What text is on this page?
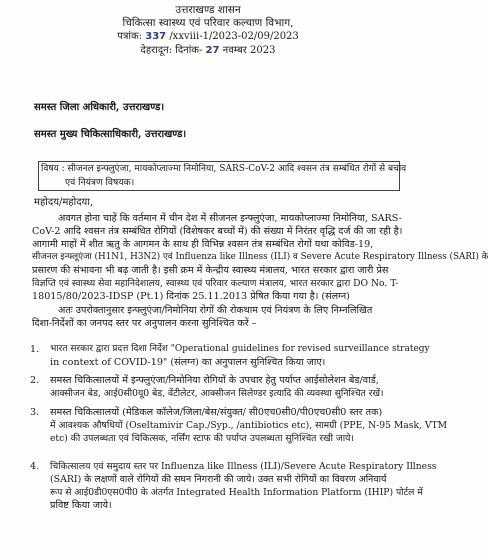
उत्तराखण्ड शासन
चिकित्सा स्वास्थ्य एवं परिवार कल्याण विभाग,
पत्रांक: 337 /xxviii-1/2023-02/09/2023
देहरादून: दिनांक- 27 नवम्बर 2023
समस्त जिला अधिकारी, उत्तराखण्ड।
समस्त मुख्य चिकित्साधिकारी, उत्तराखण्ड।
विषय : सीजनल इन्फ्लुएंजा, मायकोप्लाज्मा निमोनिया, SARS-CoV-2 आदि श्वसन तंत्र सम्बंधित रोगों से बचाव
एवं नियंत्रण विषयक।
महोदय/महोदया,
अवगत होना चाहें कि वर्तमान में चीन देश में सीजनल इन्फ्लुएंजा, मायकोप्लाज्मा निमोनिया, SARS-
CoV-2 आदि श्वसन तंत्र सम्बंधित रोगियों (विशेषकर बच्चों में) की संख्या में निरंतर वृद्धि दर्ज की जा रही है।
आगामी माहों में शीत ऋतु के आगमन के साथ ही विभिन्न श्वसन तंत्र सम्बंधित रोगों यथा कोविड-19,
सीजनल इन्फ्लूएंजा (H1N1, H3N2) एवं Influenza like Illness (ILI) व Severe Acute Respiratory Illness (SARI) के
प्रसारण की संभावना भी बढ़ जाती है। इसी क्रम में केन्द्रीय स्वास्थ्य मंत्रालय, भारत सरकार द्वारा जारी प्रेस
विज्ञप्ति एवं स्वास्थ्य सेवा महानिदेशालय, स्वास्थ्य एवं परिवार कल्याण मंत्रालय, भारत सरकार द्वारा DO No. T-
18015/80/2023-IDSP (Pt.1) दिनांक 25.11.2013 प्रेषित किया गया है। (संलग्न)
अतः उपरोक्तानुसार इन्फ्लुएंजा/निमोनिया रोगों की रोकथाम एवं नियंत्रण के लिए निम्नलिखित
दिशा-निर्देशों का जनपद स्तर पर अनुपालन करना सुनिश्चित करें –
1.	भारत सरकार द्वारा प्रदत्त दिशा निर्देश "Operational guidelines for revised surveillance strategy
in context of COVID-19" (संलग्न) का अनुपालन सुनिश्चित किया जाए।
2.	समस्त चिकित्सालयों में इन्फ्लुएंजा/निमोनिया रोगियों के उपचार हेतु पर्याप्त आईसोलेशन बेड/वार्ड,
आक्सीजन बेड, आई0सी0यू0 बेड, वेंटीलेटर, आक्सीजन सिलेण्डर इत्यादि की व्यवस्था सुनिश्चित रखें।
3.	समस्त चिकित्सालयों (मेडिकल कॉलेज/जिला/बेस/संयुक्त/ सी0एच0सी0/पी0एच0सी0 स्तर तक)
में आवश्यक औषधियों (Oseltamivir Cap./Syp., /antibiotics etc), सामग्री (PPE, N-95 Mask, VTM
etc) की उपलब्धता एवं चिकित्सक, नर्सिंग स्टाफ की पर्याप्त उपलब्धता सुनिश्चित रखी जाये।
4.	चिकित्सालय एवं समुदाय स्तर पर Influenza like Illness (ILI)/Severe Acute Respiratory Illness
(SARI) के लक्षणों वाले रोगियों की सघन निगरानी की जाये। उक्त सभी रोगियों का विवरण अनिवार्य
रूप से आई0डी0एस0पी0 के अंतर्गत Integrated Health Information Platform (IHIP) पोर्टल में
प्रविष्ट किया जाये।
